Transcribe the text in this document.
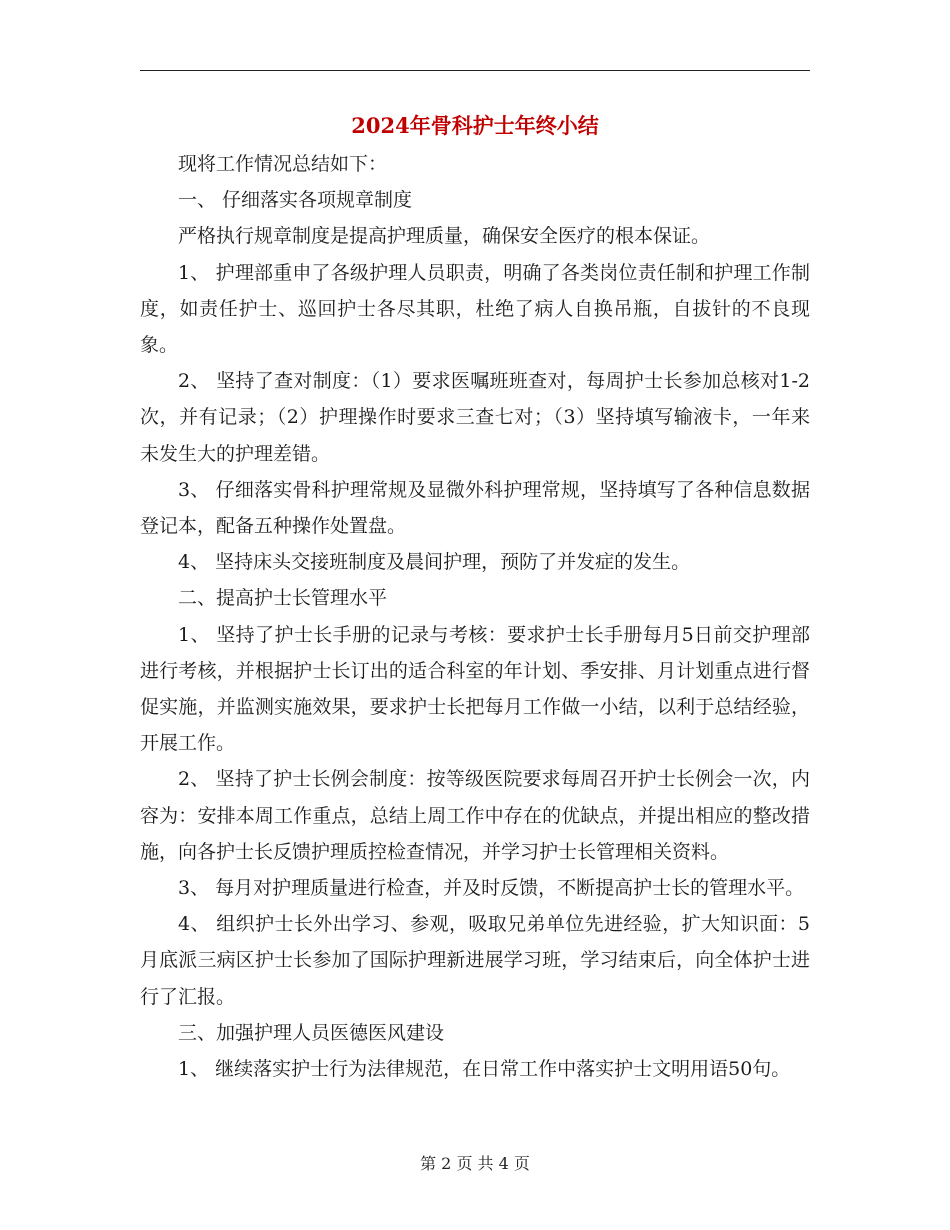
2024年骨科护士年终小结

现将工作情况总结如下：

一、 仔细落实各项规章制度

严格执行规章制度是提高护理质量，确保安全医疗的根本保证。

1、 护理部重申了各级护理人员职责，明确了各类岗位责任制和护理工作制度，如责任护士、巡回护士各尽其职，杜绝了病人自换吊瓶，自拔针的不良现象。

2、 坚持了查对制度：（1）要求医嘱班班查对，每周护士长参加总核对1-2次，并有记录；（2）护理操作时要求三查七对；（3）坚持填写输液卡，一年来未发生大的护理差错。

3、 仔细落实骨科护理常规及显微外科护理常规，坚持填写了各种信息数据登记本，配备五种操作处置盘。

4、 坚持床头交接班制度及晨间护理，预防了并发症的发生。

二、提高护士长管理水平

1、 坚持了护士长手册的记录与考核：要求护士长手册每月5日前交护理部进行考核，并根据护士长订出的适合科室的年计划、季安排、月计划重点进行督促实施，并监测实施效果，要求护士长把每月工作做一小结，以利于总结经验，开展工作。

2、 坚持了护士长例会制度：按等级医院要求每周召开护士长例会一次，内容为：安排本周工作重点，总结上周工作中存在的优缺点，并提出相应的整改措施，向各护士长反馈护理质控检查情况，并学习护士长管理相关资料。

3、 每月对护理质量进行检查，并及时反馈，不断提高护士长的管理水平。

4、 组织护士长外出学习、参观，吸取兄弟单位先进经验，扩大知识面：5月底派三病区护士长参加了国际护理新进展学习班，学习结束后，向全体护士进行了汇报。

三、加强护理人员医德医风建设

1、 继续落实护士行为法律规范，在日常工作中落实护士文明用语50句。

第 2 页 共 4 页
